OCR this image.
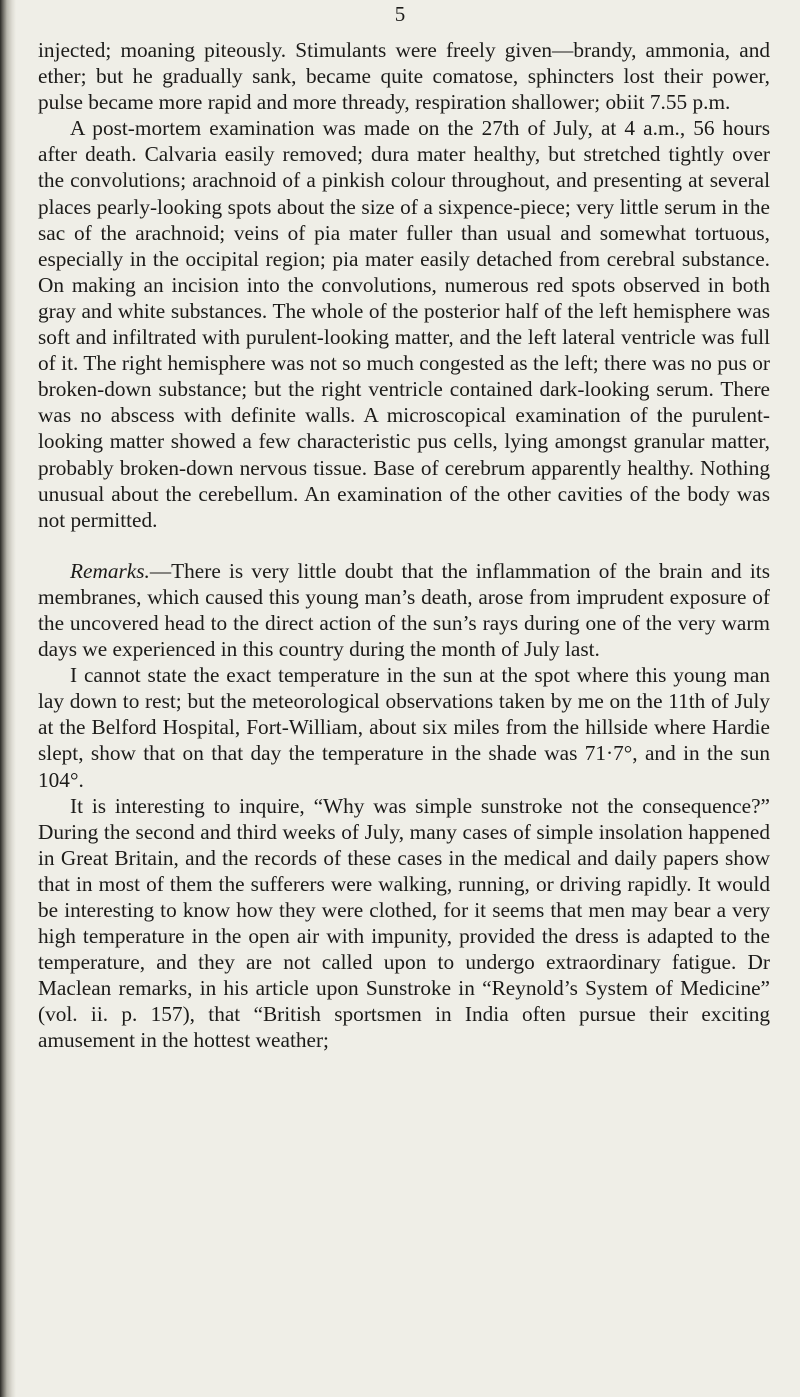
5

injected; moaning piteously. Stimulants were freely given—brandy, ammonia, and ether; but he gradually sank, became quite comatose, sphincters lost their power, pulse became more rapid and more thready, respiration shallower; obiit 7.55 p.m.

A post-mortem examination was made on the 27th of July, at 4 a.m., 56 hours after death. Calvaria easily removed; dura mater healthy, but stretched tightly over the convolutions; arachnoid of a pinkish colour throughout, and presenting at several places pearly-looking spots about the size of a sixpence-piece; very little serum in the sac of the arachnoid; veins of pia mater fuller than usual and somewhat tortuous, especially in the occipital region; pia mater easily detached from cerebral substance. On making an incision into the convolutions, numerous red spots observed in both gray and white substances. The whole of the posterior half of the left hemisphere was soft and infiltrated with purulent-looking matter, and the left lateral ventricle was full of it. The right hemisphere was not so much congested as the left; there was no pus or broken-down substance; but the right ventricle contained dark-looking serum. There was no abscess with definite walls. A microscopical examination of the purulent-looking matter showed a few characteristic pus cells, lying amongst granular matter, probably broken-down nervous tissue. Base of cerebrum apparently healthy. Nothing unusual about the cerebellum. An examination of the other cavities of the body was not permitted.

Remarks.—There is very little doubt that the inflammation of the brain and its membranes, which caused this young man’s death, arose from imprudent exposure of the uncovered head to the direct action of the sun’s rays during one of the very warm days we experienced in this country during the month of July last.

I cannot state the exact temperature in the sun at the spot where this young man lay down to rest; but the meteorological observations taken by me on the 11th of July at the Belford Hospital, Fort-William, about six miles from the hillside where Hardie slept, show that on that day the temperature in the shade was 71·7°, and in the sun 104°.

It is interesting to inquire, “Why was simple sunstroke not the consequence?” During the second and third weeks of July, many cases of simple insolation happened in Great Britain, and the records of these cases in the medical and daily papers show that in most of them the sufferers were walking, running, or driving rapidly. It would be interesting to know how they were clothed, for it seems that men may bear a very high temperature in the open air with impunity, provided the dress is adapted to the temperature, and they are not called upon to undergo extraordinary fatigue. Dr Maclean remarks, in his article upon Sunstroke in “Reynold’s System of Medicine” (vol. ii. p. 157), that “British sportsmen in India often pursue their exciting amusement in the hottest weather;
